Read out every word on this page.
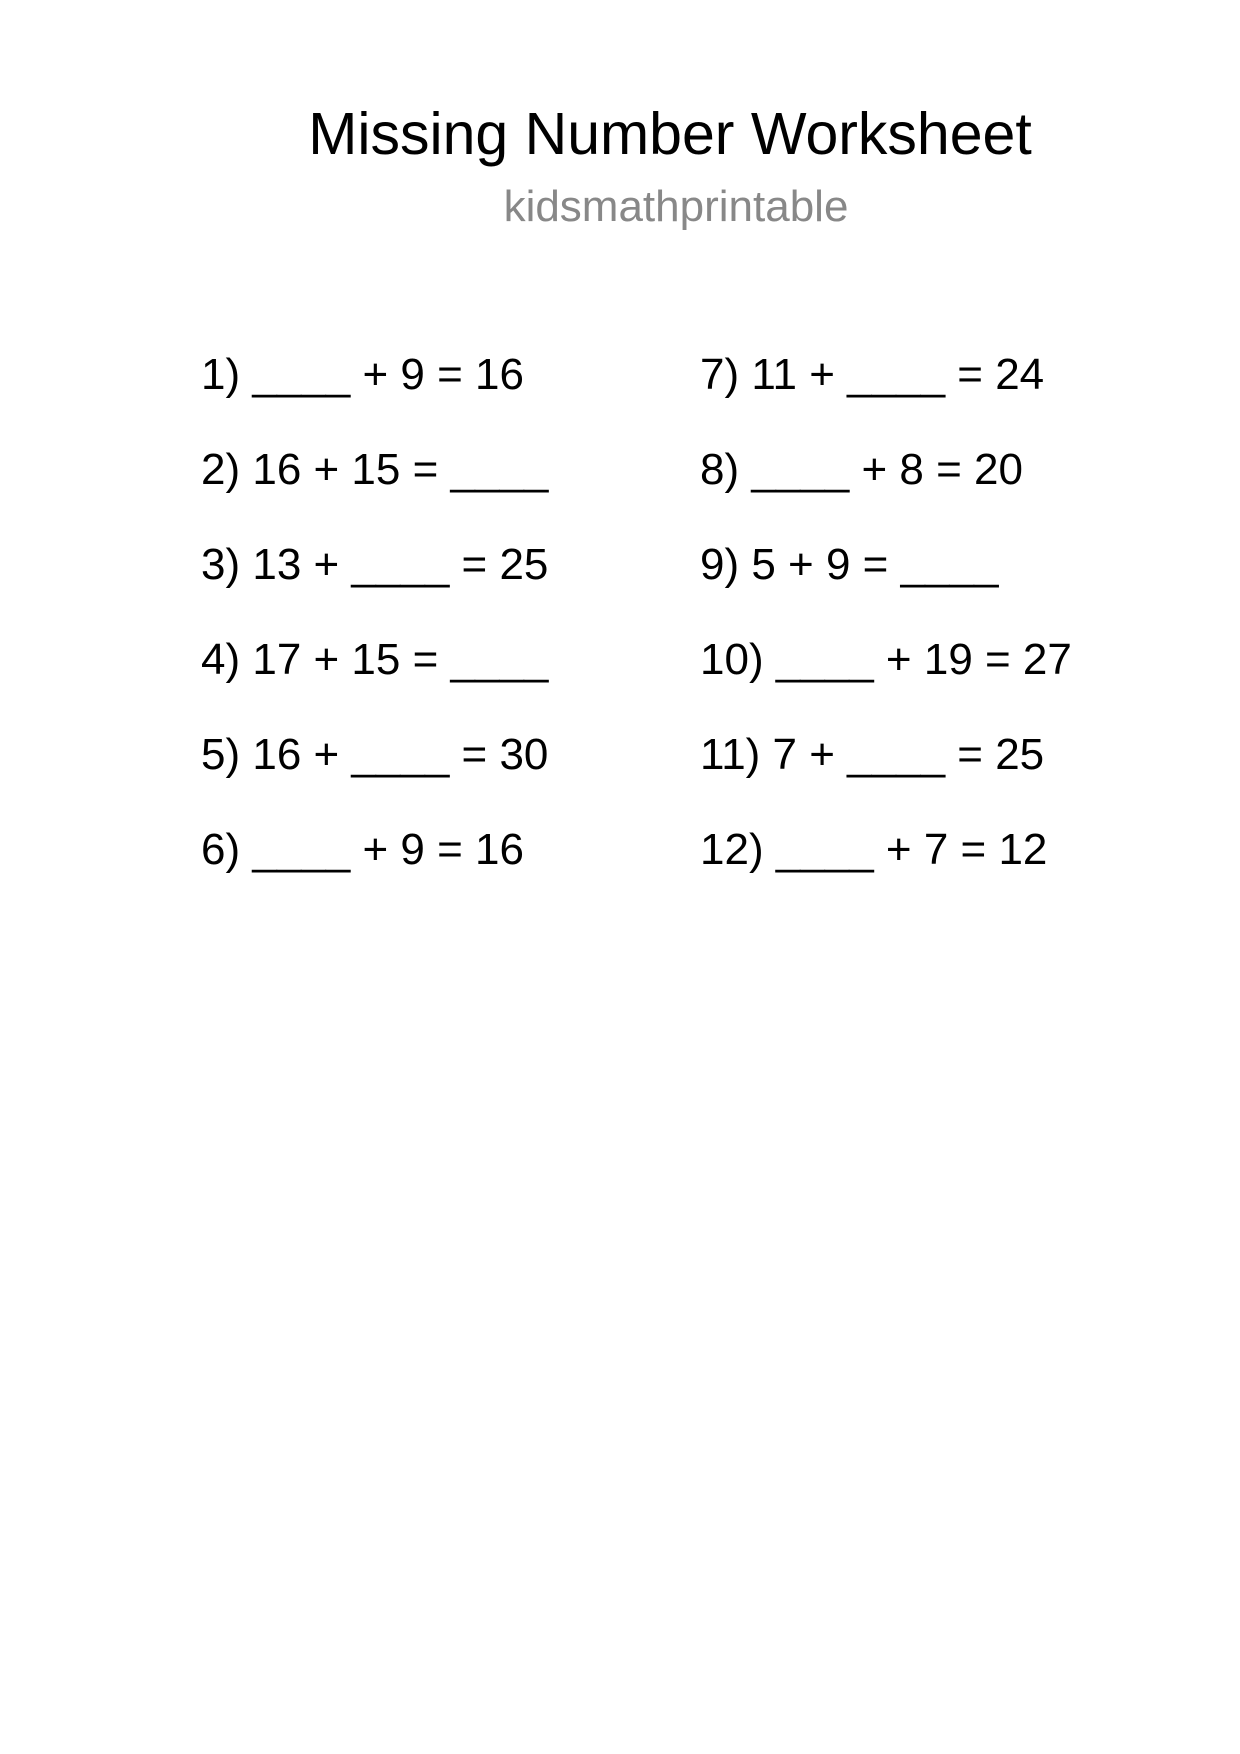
Missing Number Worksheet
kidsmathprintable
1) ____ + 9 = 16
2) 16 + 15 = ____
3) 13 + ____ = 25
4) 17 + 15 = ____
5) 16 + ____ = 30
6) ____ + 9 = 16
7) 11 + ____ = 24
8) ____ + 8 = 20
9) 5 + 9 = ____
10) ____ + 19 = 27
11) 7 + ____ = 25
12) ____ + 7 = 12
